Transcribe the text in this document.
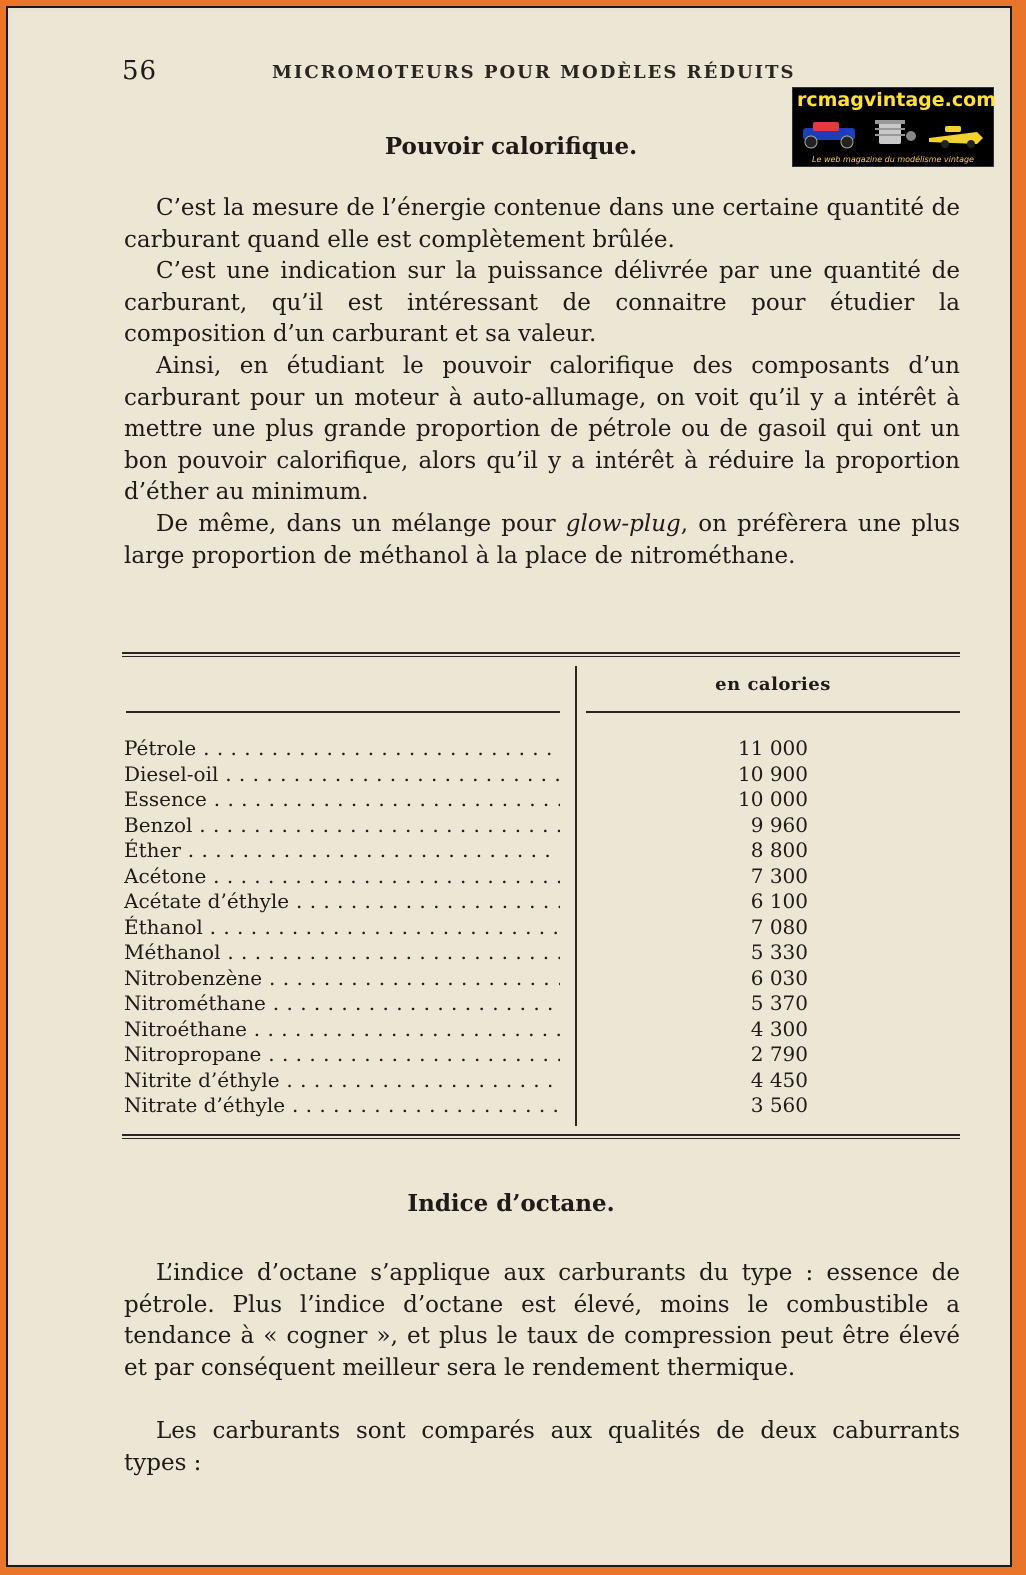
56	MICROMOTEURS POUR MODÈLES RÉDUITS
rcmagvintage.com
Le web magazine du modélisme vintage
Pouvoir calorifique.

C’est la mesure de l’énergie contenue dans une certaine quantité de carburant quand elle est complètement brûlée.

C’est une indication sur la puissance délivrée par une quantité de carburant, qu’il est intéressant de connaitre pour étudier la composition d’un carburant et sa valeur.

Ainsi, en étudiant le pouvoir calorifique des composants d’un carburant pour un moteur à auto-allumage, on voit qu’il y a intérêt à mettre une plus grande proportion de pétrole ou de gasoil qui ont un bon pouvoir calorifique, alors qu’il y a intérêt à réduire la proportion d’éther au minimum.

De même, dans un mélange pour glow-plug, on préfèrera une plus large proportion de méthanol à la place de nitrométhane.

en calories
Pétrole . . .	11 000
Diesel-oil . . .	10 900
Essence . . .	10 000
Benzol . . .	9 960
Éther . . .	8 800
Acétone . . .	7 300
Acétate d’éthyle . . .	6 100
Éthanol . . .	7 080
Méthanol . . .	5 330
Nitrobenzène . . .	6 030
Nitrométhane . . .	5 370
Nitroéthane . . .	4 300
Nitropropane . . .	2 790
Nitrite d’éthyle . . .	4 450
Nitrate d’éthyle . . .	3 560
Indice d’octane.

L’indice d’octane s’applique aux carburants du type : essence de pétrole. Plus l’indice d’octane est élevé, moins le combustible a tendance à « cogner », et plus le taux de compression peut être élevé et par conséquent meilleur sera le rendement thermique.

Les carburants sont comparés aux qualités de deux caburrants types :
